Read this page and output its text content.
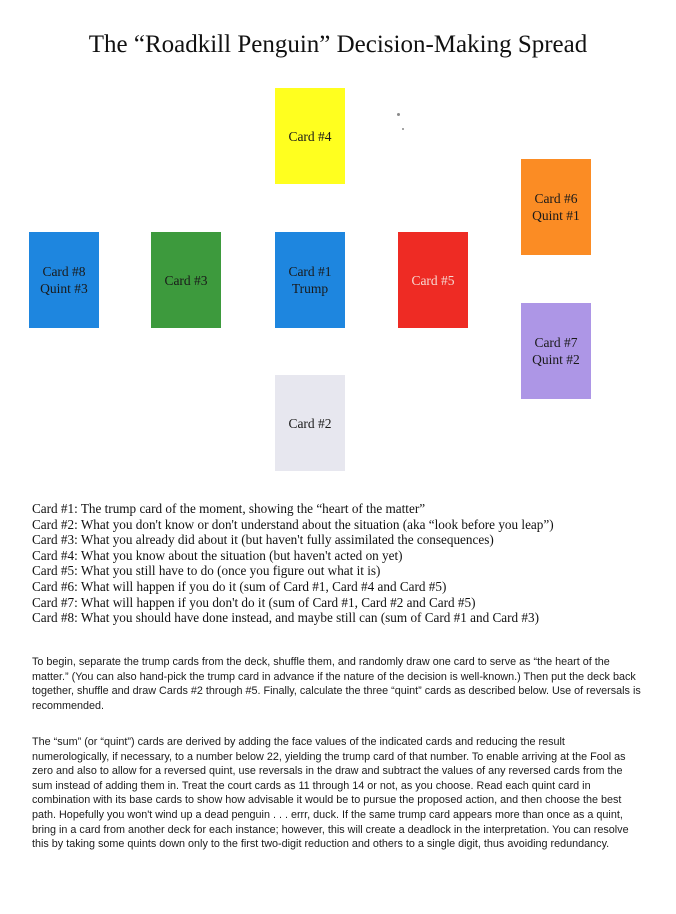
The “Roadkill Penguin” Decision-Making Spread
Card #4
Card #6
Quint #1
Card #8
Quint #3
Card #3
Card #1
Trump
Card #5
Card #7
Quint #2
Card #2
Card #1: The trump card of the moment, showing the “heart of the matter”
Card #2: What you don't know or don't understand about the situation (aka “look before you leap”)
Card #3: What you already did about it (but haven't fully assimilated the consequences)
Card #4: What you know about the situation (but haven't acted on yet)
Card #5: What you still have to do (once you figure out what it is)
Card #6: What will happen if you do it (sum of Card #1, Card #4 and Card #5)
Card #7: What will happen if you don't do it (sum of Card #1, Card #2 and Card #5)
Card #8: What you should have done instead, and maybe still can (sum of Card #1 and Card #3)

To begin, separate the trump cards from the deck, shuffle them, and randomly draw one card to serve as “the heart of the matter.” (You can also hand-pick the trump card in advance if the nature of the decision is well-known.) Then put the deck back together, shuffle and draw Cards #2 through #5. Finally, calculate the three “quint” cards as described below. Use of reversals is recommended.

The “sum” (or “quint”) cards are derived by adding the face values of the indicated cards and reducing the result numerologically, if necessary, to a number below 22, yielding the trump card of that number. To enable arriving at the Fool as zero and also to allow for a reversed quint, use reversals in the draw and subtract the values of any reversed cards from the sum instead of adding them in. Treat the court cards as 11 through 14 or not, as you choose. Read each quint card in combination with its base cards to show how advisable it would be to pursue the proposed action, and then choose the best path. Hopefully you won't wind up a dead penguin . . . errr, duck. If the same trump card appears more than once as a quint, bring in a card from another deck for each instance; however, this will create a deadlock in the interpretation. You can resolve this by taking some quints down only to the first two-digit reduction and others to a single digit, thus avoiding redundancy.
